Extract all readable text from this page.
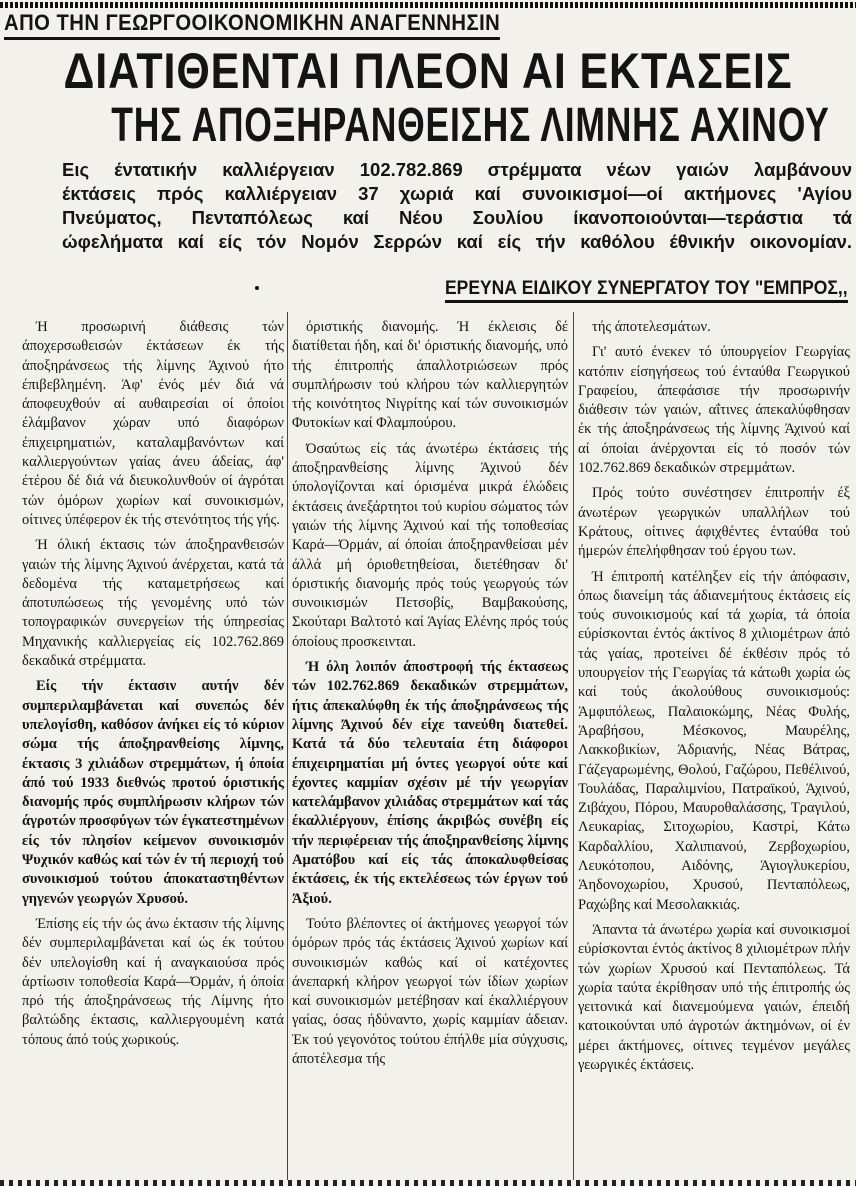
ΑΠΟ ΤΗΝ ΓΕΩΡΓΟΟΙΚΟΝΟΜΙΚΗΝ ΑΝΑΓΕΝΝΗΣΙΝ
ΔΙΑΤΙΘΕΝΤΑΙ ΠΛΕΟΝ ΑΙ ΕΚΤΑΣΕΙΣ
ΤΗΣ ΑΠΟΞΗΡΑΝΘΕΙΣΗΣ ΛΙΜΝΗΣ ΑΧΙΝΟΥ
Εις έντατικήν καλλιέργειαν 102.782.869 στρέμματα νέων γαιών λαμβάνουν
έκτάσεις πρός καλλιέργειαν 37 χωριά καί συνοικισμοί—οί ακτήμονες 'Αγίου
Πνεύματος, Πενταπόλεως καί Νέου Σουλίου ίκανοποιούνται—τεράστια τά
ώφελήματα καί είς τόν Νομόν Σερρών καί είς τήν καθόλου έθνικήν οικονομίαν.
ΕΡΕΥΝΑ ΕΙΔΙΚΟΥ ΣΥΝΕΡΓΑΤΟΥ ΤΟΥ "ΕΜΠΡΟΣ,,

Ή προσωρινή διάθεσις τών άποχερσωθεισών έκτάσεων έκ τής άποξηράνσεως τής λίμνης Άχινού ήτο έπιβεβλημένη. Άφ' ένός μέν διά νά άποφευχθούν αί αυθαιρεσίαι οί όποίοι έλάμβανον χώραν υπό διαφόρων έπιχειρηματιών, καταλαμβανόντων καί καλλιεργούντων γαίας άνευ άδείας, άφ' έτέρου δέ διά νά διευκολυνθούν οί άγρόται τών όμόρων χωρίων καί συνοικισμών, οίτινες ύπέφερον έκ τής στενότητος τής γής.

Ή όλική έκτασις τών άποξηρανθεισών γαιών τής λίμνης Άχινού άνέρχεται, κατά τά δεδομένα τής καταμετρήσεως καί άποτυπώσεως τής γενομένης υπό τών τοπογραφικών συνεργείων τής ύπηρεσίας Μηχανικής καλλιεργείας είς 102.762.869 δεκαδικά στρέμματα.

Είς τήν έκτασιν αυτήν δέν συμπεριλαμβάνεται καί συνεπώς δέν υπελογίσθη, καθόσον άνήκει είς τό κύριον σώμα τής άποξηρανθείσης λίμνης, έκτασις 3 χιλιάδων στρεμμάτων, ή όποία άπό τού 1933 διεθνώς προτού όριστικής διανομής πρός συμπλήρωσιν κλήρων τών άγροτών προσφύγων τών έγκατεστημένων είς τόν πλησίον κείμενον συνοικισμόν Ψυχικόν καθώς καί τών έν τή περιοχή τού συνοικισμού τούτου άποκαταστηθέντων γηγενών γεωργών Χρυσού.

Έπίσης είς τήν ώς άνω έκτασιν τής λίμνης δέν συμπεριλαμβάνεται καί ώς έκ τούτου δέν υπελογίσθη καί ή αναγκαιούσα πρός άρτίωσιν τοποθεσία Καρά—Όρμάν, ή όποία πρό τής άποξηράνσεως τής Λίμνης ήτο βαλτώδης έκτασις, καλλιεργουμένη κατά τόπους άπό τούς χωρικούς.

όριστικής διανομής. Ή έκλεισις δέ διατίθεται ήδη, καί δι' όριστικής διανομής, υπό τής έπιτροπής άπαλλοτριώσεων πρός συμπλήρωσιν τού κλήρου τών καλλιεργητών τής κοινότητος Νιγρίτης καί τών συνοικισμών Φυτοκίων καί Φλαμπούρου.

Όσαύτως είς τάς άνωτέρω έκτάσεις τής άποξηρανθείσης λίμνης Άχινού δέν ύπολογίζονται καί όρισμένα μικρά έλώδεις έκτάσεις άνεξάρτητοι τού κυρίου σώματος τών γαιών τής λίμνης Άχινού καί τής τοποθεσίας Καρά—Όρμάν, αί όποίαι άποξηρανθείσαι μέν άλλά μή όριοθετηθείσαι, διετέθησαν δι' όριστικής διανομής πρός τούς γεωργούς τών συνοικισμών Πετσοβίς, Βαμβακούσης, Σκούταρι Βαλτοτό καί Άγίας Ελένης πρός τούς όποίους προσκεινται.

Ή όλη λοιπόν άποστροφή τής έκτασεως τών 102.762.869 δεκαδικών στρεμμάτων, ήτις άπεκαλύφθη έκ τής άποξηράνσεως τής λίμνης Άχινού δέν είχε τανεύθη διατεθεί. Κατά τά δύο τελευταία έτη διάφοροι έπιχειρηματίαι μή όντες γεωργοί ούτε καί έχοντες καμμίαν σχέσιν μέ τήν γεωργίαν κατελάμβανον χιλιάδας στρεμμάτων καί τάς έκαλλιέργουν, έπίσης άκριβώς συνέβη είς τήν περιφέρειαν τής άποξηρανθείσης λίμνης Αματόβου καί είς τάς άποκαλυφθείσας έκτάσεις, έκ τής εκτελέσεως τών έργων τού Άξιού.

Τούτο βλέποντες οί άκτήμονες γεωργοί τών όμόρων πρός τάς έκτάσεις Άχινού χωρίων καί συνοικισμών καθώς καί οί κατέχοντες άνεπαρκή κλήρον γεωργοί τών ίδίων χωρίων καί συνοικισμών μετέβησαν καί έκαλλιέργουν γαίας, όσας ήδύναντο, χωρίς καμμίαν άδειαν. Έκ τού γεγονότος τούτου έπήλθε μία σύγχυσις, άποτέλεσμα τής

τής άποτελεσμάτων.

Γι' αυτό ένεκεν τό ύπουργείον Γεωργίας κατόπιν είσηγήσεως τού ένταύθα Γεωργικού Γραφείου, άπεφάσισε τήν προσωρινήν διάθεσιν τών γαιών, αΐτινες άπεκαλύφθησαν έκ τής άποξηράνσεως τής λίμνης Άχινού καί αί όποίαι άνέρχονται είς τό ποσόν τών 102.762.869 δεκαδικών στρεμμάτων.

Πρός τούτο συνέστησεν έπιτροπήν έξ άνωτέρων γεωργικών υπαλλήλων τού Κράτους, οίτινες άφιχθέντες ένταύθα τού ήμερών έπελήφθησαν τού έργου των.

Ή έπιτροπή κατέληξεν είς τήν άπόφασιν, όπως διανείμη τάς άδιανεμήτους έκτάσεις είς τούς συνοικισμούς καί τά χωρία, τά όποία εύρίσκονται έντός άκτίνος 8 χιλιομέτρων άπό τάς γαίας, προτείνει δέ έκθέσιν πρός τό υπουργείον τής Γεωργίας τά κάτωθι χωρία ώς καί τούς άκολούθους συνοικισμούς: Άμφιπόλεως, Παλαιοκώμης, Νέας Φυλής, Άραβήσου, Μέσκονος, Μαυρέλης, Λακκοβικίων, Άδριανής, Νέας Βάτρας, Γάζεγαρωμένης, Θολού, Γαζώρου, Πεθέλινού, Τουλάδας, Παραλιμνίου, Πατραϊκού, Άχινού, Ζιβάχου, Πόρου, Μαυροθαλάσσης, Τραγιλού, Λευκαρίας, Σιτοχωρίου, Καστρί, Κάτω Καρδαλλίου, Χαλιπιανού, Ζερβοχωρίου, Λευκότοπου, Αιδόνης, Άγιογλυκερίου, Άηδονοχωρίου, Χρυσού, Πενταπόλεως, Ραχώβης καί Μεσολακκιάς.

Άπαντα τά άνωτέρω χωρία καί συνοικισμοί εύρίσκονται έντός άκτίνος 8 χιλιομέτρων πλήν τών χωρίων Χρυσού καί Πενταπόλεως. Τά χωρία ταύτα έκρίθησαν υπό τής έπιτροπής ώς γειτονικά καί διανεμούμενα γαιών, έπειδή κατοικούνται υπό άγροτών άκτημόνων, οί έν μέρει άκτήμονες, οίτινες τεγμένον μεγάλες γεωργικές έκτάσεις.
